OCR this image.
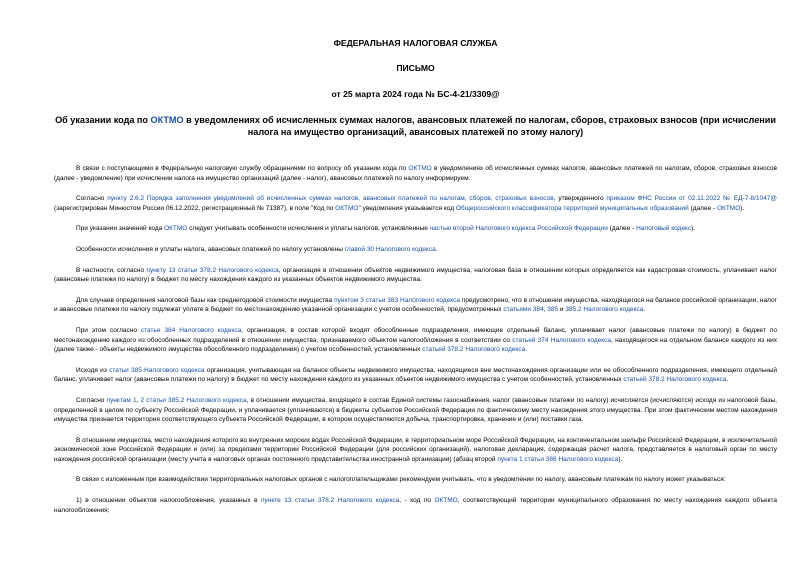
ФЕДЕРАЛЬНАЯ НАЛОГОВАЯ СЛУЖБА

ПИСЬМО

от 25 марта 2024 года № БС-4-21/3309@

Об указании кода по ОКТМО в уведомлениях об исчисленных суммах налогов, авансовых платежей по налогам, сборов, страховых взносов (при исчислении налога на имущество организаций, авансовых платежей по этому налогу)

В связи с поступающими в Федеральную налоговую службу обращениями по вопросу об указании кода по ОКТМО в уведомлениях об исчисленных суммах налогов, авансовых платежей по налогам, сборов, страховых взносов (далее - уведомление) при исчислении налога на имущество организаций (далее - налог), авансовых платежей по налогу информируем.

Согласно пункту 2.6.2 Порядка заполнения уведомлений об исчисленных суммах налогов, авансовых платежей по налогам, сборов, страховых взносов, утвержденного приказом ФНС России от 02.11.2022 № ЕД-7-8/1047@ (зарегистрирован Минюстом России 06.12.2022, регистрационный № 71387), в поле "Код по ОКТМО" уведомления указывается код Общероссийского классификатора территорий муниципальных образований (далее - ОКТМО).

При указании значений кода ОКТМО следует учитывать особенности исчисления и уплаты налогов, установленные частью второй Налогового кодекса Российской Федерации (далее - Налоговый кодекс).

Особенности исчисления и уплаты налога, авансовых платежей по налогу установлены главой 30 Налогового кодекса.

В частности, согласно пункту 13 статьи 378.2 Налогового кодекса, организация в отношении объектов недвижимого имущества, налоговая база в отношении которых определяется как кадастровая стоимость, уплачивает налог (авансовые платежи по налогу) в бюджет по месту нахождения каждого из указанных объектов недвижимого имущества.

Для случаев определения налоговой базы как среднегодовой стоимости имущества пунктом 3 статьи 383 Налогового кодекса предусмотрено, что в отношении имущества, находящегося на балансе российской организации, налог и авансовые платежи по налогу подлежат уплате в бюджет по местонахождению указанной организации с учетом особенностей, предусмотренных статьями 384, 385 и 385.2 Налогового кодекса.

При этом согласно статье 384 Налогового кодекса, организация, в состав которой входят обособленные подразделения, имеющие отдельный баланс, уплачивает налог (авансовые платежи по налогу) в бюджет по местонахождению каждого из обособленных подразделений в отношении имущества, признаваемого объектом налогообложения в соответствии со статьей 374 Налогового кодекса, находящегося на отдельном балансе каждого из них (далее также - объекты недвижимого имущества обособленного подразделения) с учетом особенностей, установленных статьей 378.2 Налогового кодекса.

Исходя из статьи 385 Налогового кодекса организация, учитывающая на балансе объекты недвижимого имущества, находящиеся вне местонахождения организации или ее обособленного подразделения, имеющего отдельный баланс, уплачивает налог (авансовые платежи по налогу) в бюджет по месту нахождения каждого из указанных объектов недвижимого имущества с учетом особенностей, установленных статьей 378.2 Налогового кодекса.

Согласно пунктам 1, 2 статьи 385.2 Налогового кодекса, в отношении имущества, входящего в состав Единой системы газоснабжения, налог (авансовые платежи по налогу) исчисляется (исчисляются) исходя из налоговой базы, определенной в целом по субъекту Российской Федерации, и уплачивается (уплачиваются) в бюджеты субъектов Российской Федерации по фактическому месту нахождения этого имущества. При этом фактическим местом нахождения имущества признается территория соответствующего субъекта Российской Федерации, в котором осуществляются добыча, транспортировка, хранение и (или) поставки газа.

В отношении имущества, место нахождения которого во внутренних морских водах Российской Федерации, в территориальном море Российской Федерации, на континентальном шельфе Российской Федерации, в исключительной экономической зоне Российской Федерации и (или) за пределами территории Российской Федерации (для российских организаций), налоговая декларация, содержащая расчет налога, представляется в налоговый орган по месту нахождения российской организации (месту учета в налоговых органах постоянного представительства иностранной организации) (абзац второй пункта 1 статьи 386 Налогового кодекса).

В связи с изложенным при взаимодействии территориальных налоговых органов с налогоплательщиками рекомендуем учитывать, что в уведомлении по налогу, авансовым платежам по налогу может указываться:

1) в отношении объектов налогообложения, указанных в пункте 13 статьи 378.2 Налогового кодекса, - код по ОКТМО, соответствующий территории муниципального образования по месту нахождения каждого объекта налогообложения;
